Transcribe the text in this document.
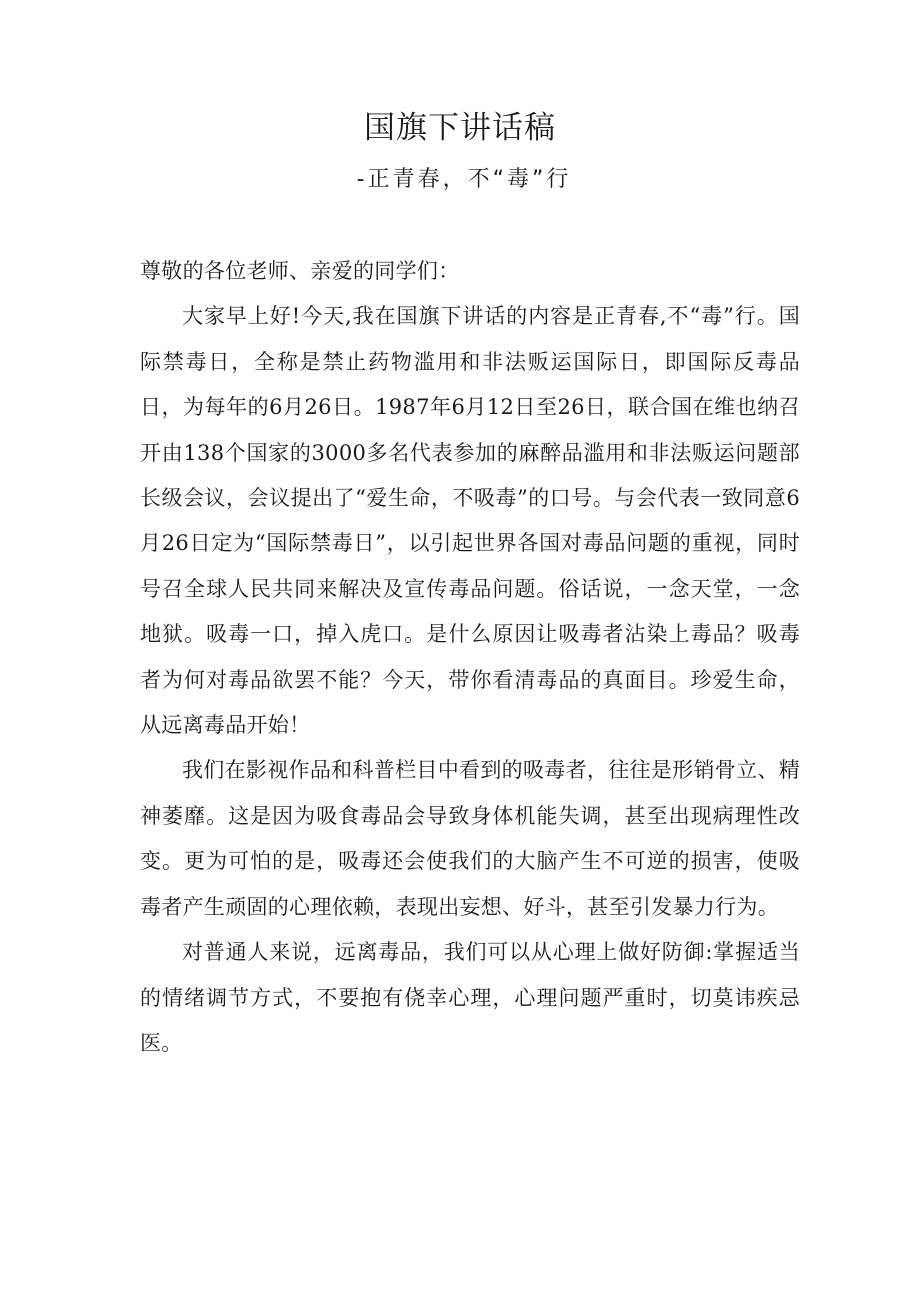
国旗下讲话稿
-正青春，不“毒”行

尊敬的各位老师、亲爱的同学们：

大家早上好!今天,我在国旗下讲话的内容是正青春,不“毒”行。国际禁毒日，全称是禁止药物滥用和非法贩运国际日，即国际反毒品日，为每年的6月26日。1987年6月12日至26日，联合国在维也纳召开由138个国家的3000多名代表参加的麻醉品滥用和非法贩运问题部长级会议，会议提出了“爱生命，不吸毒”的口号。与会代表一致同意6月26日定为“国际禁毒日”，以引起世界各国对毒品问题的重视，同时号召全球人民共同来解决及宣传毒品问题。俗话说，一念天堂，一念地狱。吸毒一口，掉入虎口。是什么原因让吸毒者沾染上毒品？吸毒者为何对毒品欲罢不能？今天，带你看清毒品的真面目。珍爱生命，从远离毒品开始！

我们在影视作品和科普栏目中看到的吸毒者，往往是形销骨立、精神萎靡。这是因为吸食毒品会导致身体机能失调，甚至出现病理性改变。更为可怕的是，吸毒还会使我们的大脑产生不可逆的损害，使吸毒者产生顽固的心理依赖，表现出妄想、好斗，甚至引发暴力行为。

对普通人来说，远离毒品，我们可以从心理上做好防御:掌握适当的情绪调节方式，不要抱有侥幸心理，心理问题严重时，切莫讳疾忌医。
